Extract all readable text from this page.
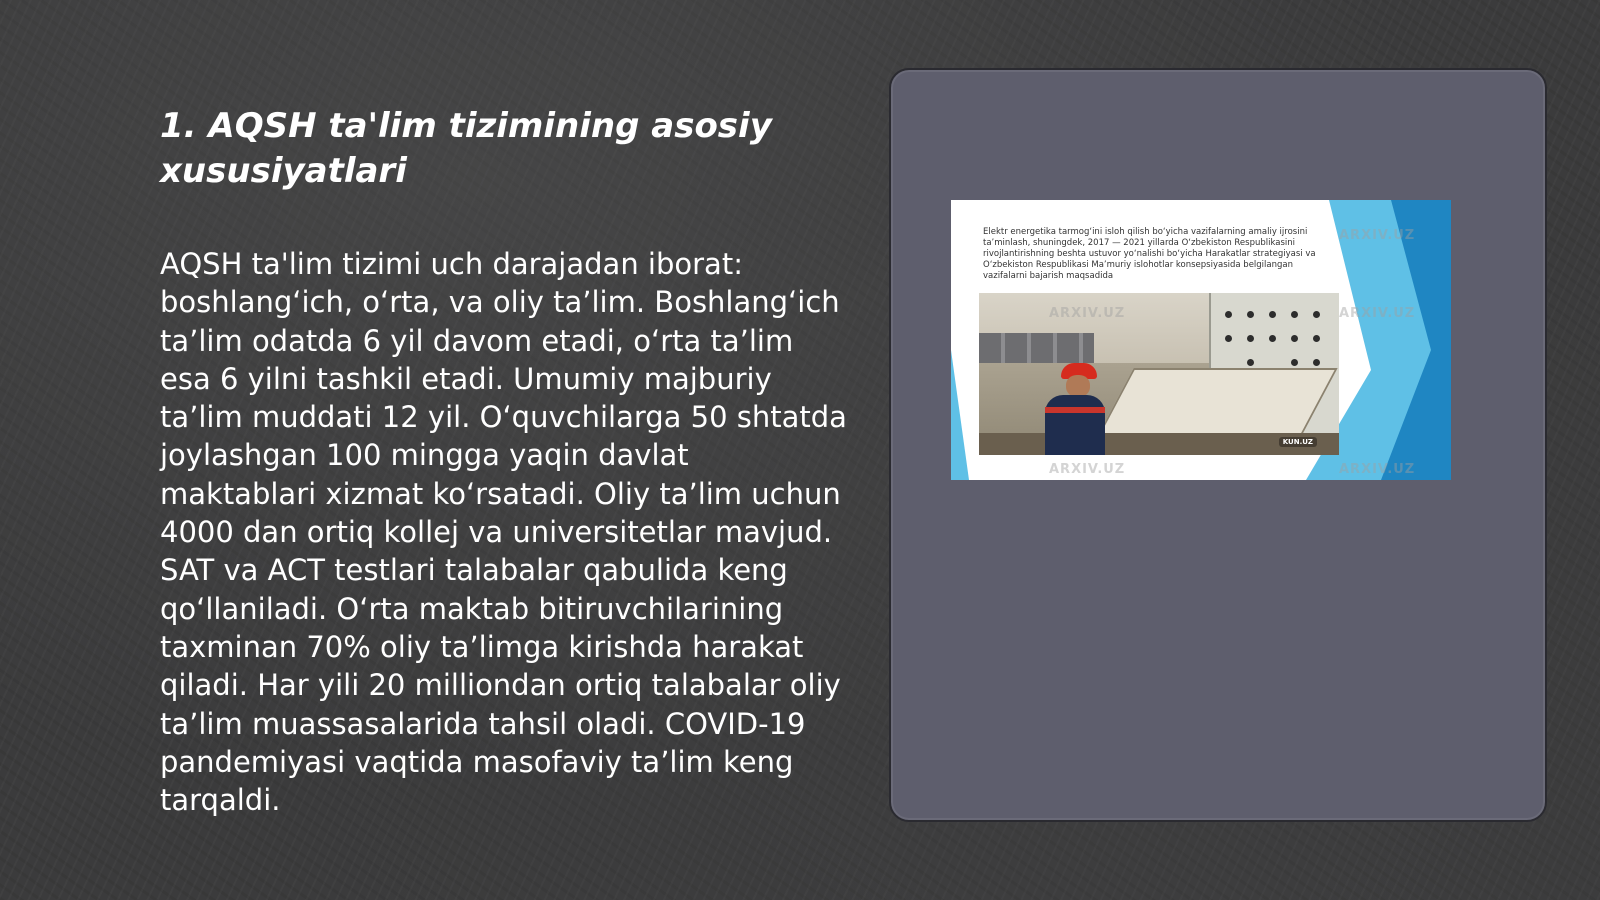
1. AQSH ta'lim tizimining asosiy xususiyatlari

AQSH ta'lim tizimi uch darajadan iborat: boshlang‘ich, o‘rta, va oliy ta’lim. Boshlang‘ich ta’lim odatda 6 yil davom etadi, o‘rta ta’lim esa 6 yilni tashkil etadi. Umumiy majburiy ta’lim muddati 12 yil. O‘quvchilarga 50 shtatda joylashgan 100 mingga yaqin davlat maktablari xizmat ko‘rsatadi. Oliy ta’lim uchun 4000 dan ortiq kollej va universitetlar mavjud. SAT va ACT testlari talabalar qabulida keng qo‘llaniladi. O‘rta maktab bitiruvchilarining taxminan 70% oliy ta’limga kirishda harakat qiladi. Har yili 20 milliondan ortiq talabalar oliy ta’lim muassasalarida tahsil oladi. COVID-19 pandemiyasi vaqtida masofaviy ta’lim keng tarqaldi.

Elektr energetika tarmog‘ini isloh qilish bo‘yicha vazifalarning amaliy ijrosini ta’minlash, shuningdek, 2017 — 2021 yillarda O‘zbekiston Respublikasini rivojlantirishning beshta ustuvor yo‘nalishi bo‘yicha Harakatlar strategiyasi va O‘zbekiston Respublikasi Ma’muriy islohotlar konsepsiyasida belgilangan vazifalarni bajarish maqsadida

KUN.UZ
ARXIV.UZ
ARXIV.UZ
ARXIV.UZ
ARXIV.UZ
ARXIV.UZ
